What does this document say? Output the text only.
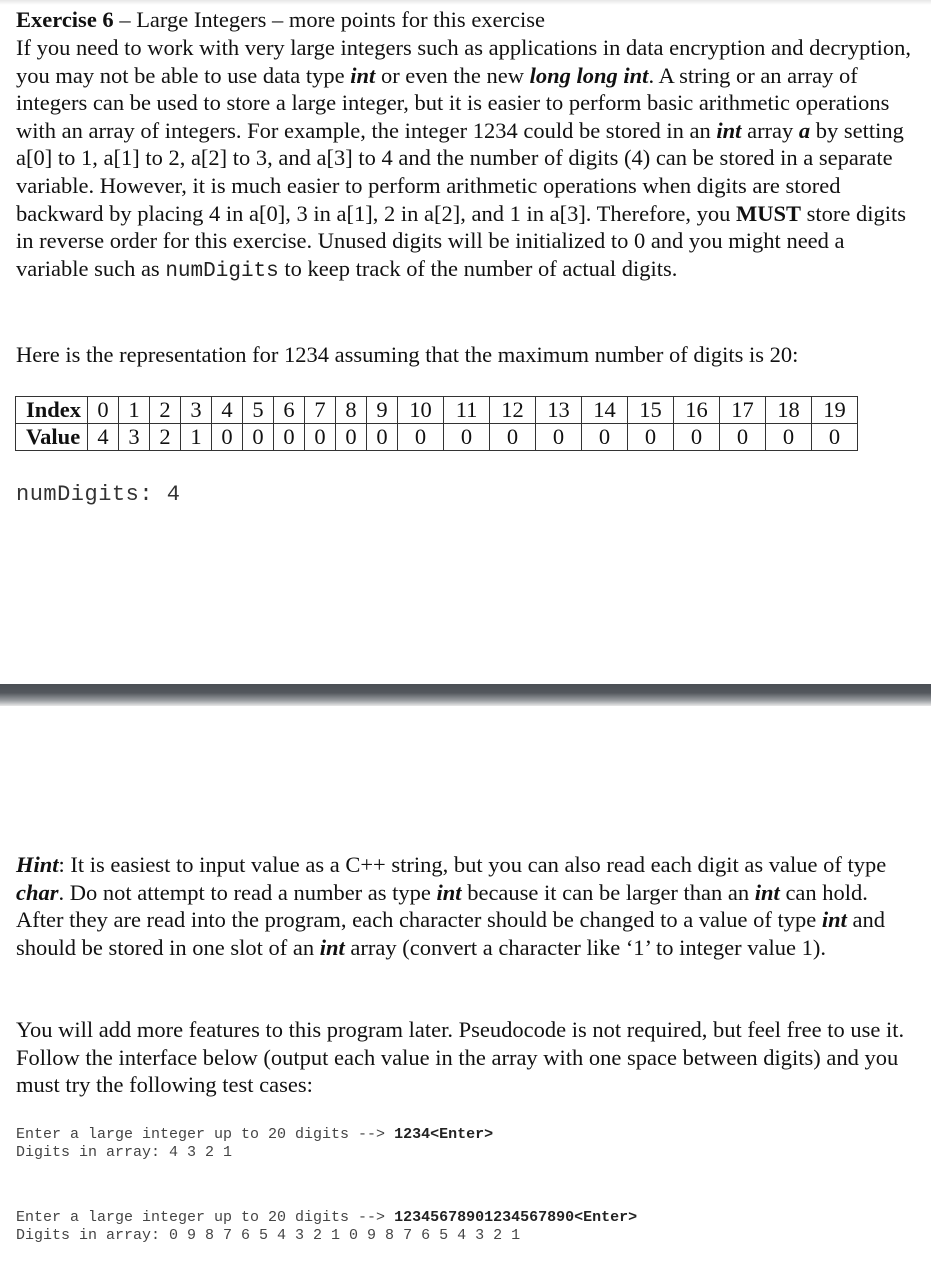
Exercise 6 – Large Integers – more points for this exercise
If you need to work with very large integers such as applications in data encryption and decryption, you may not be able to use data type int or even the new long long int. A string or an array of integers can be used to store a large integer, but it is easier to perform basic arithmetic operations with an array of integers. For example, the integer 1234 could be stored in an int array a by setting a[0] to 1, a[1] to 2, a[2] to 3, and a[3] to 4 and the number of digits (4) can be stored in a separate variable. However, it is much easier to perform arithmetic operations when digits are stored backward by placing 4 in a[0], 3 in a[1], 2 in a[2], and 1 in a[3]. Therefore, you MUST store digits in reverse order for this exercise. Unused digits will be initialized to 0 and you might need a variable such as numDigits to keep track of the number of actual digits.
Here is the representation for 1234 assuming that the maximum number of digits is 20:
Index	0	1	2	3	4	5	6	7	8	9	10	11	12	13	14	15	16	17	18	19
Value	4	3	2	1	0	0	0	0	0	0	0	0	0	0	0	0	0	0	0	0
numDigits: 4
Hint: It is easiest to input value as a C++ string, but you can also read each digit as value of type char. Do not attempt to read a number as type int because it can be larger than an int can hold. After they are read into the program, each character should be changed to a value of type int and should be stored in one slot of an int array (convert a character like ‘1’ to integer value 1).
You will add more features to this program later. Pseudocode is not required, but feel free to use it. Follow the interface below (output each value in the array with one space between digits) and you must try the following test cases:
Enter a large integer up to 20 digits --> 1234<Enter>
Digits in array: 4 3 2 1
Enter a large integer up to 20 digits --> 12345678901234567890<Enter>
Digits in array: 0 9 8 7 6 5 4 3 2 1 0 9 8 7 6 5 4 3 2 1
